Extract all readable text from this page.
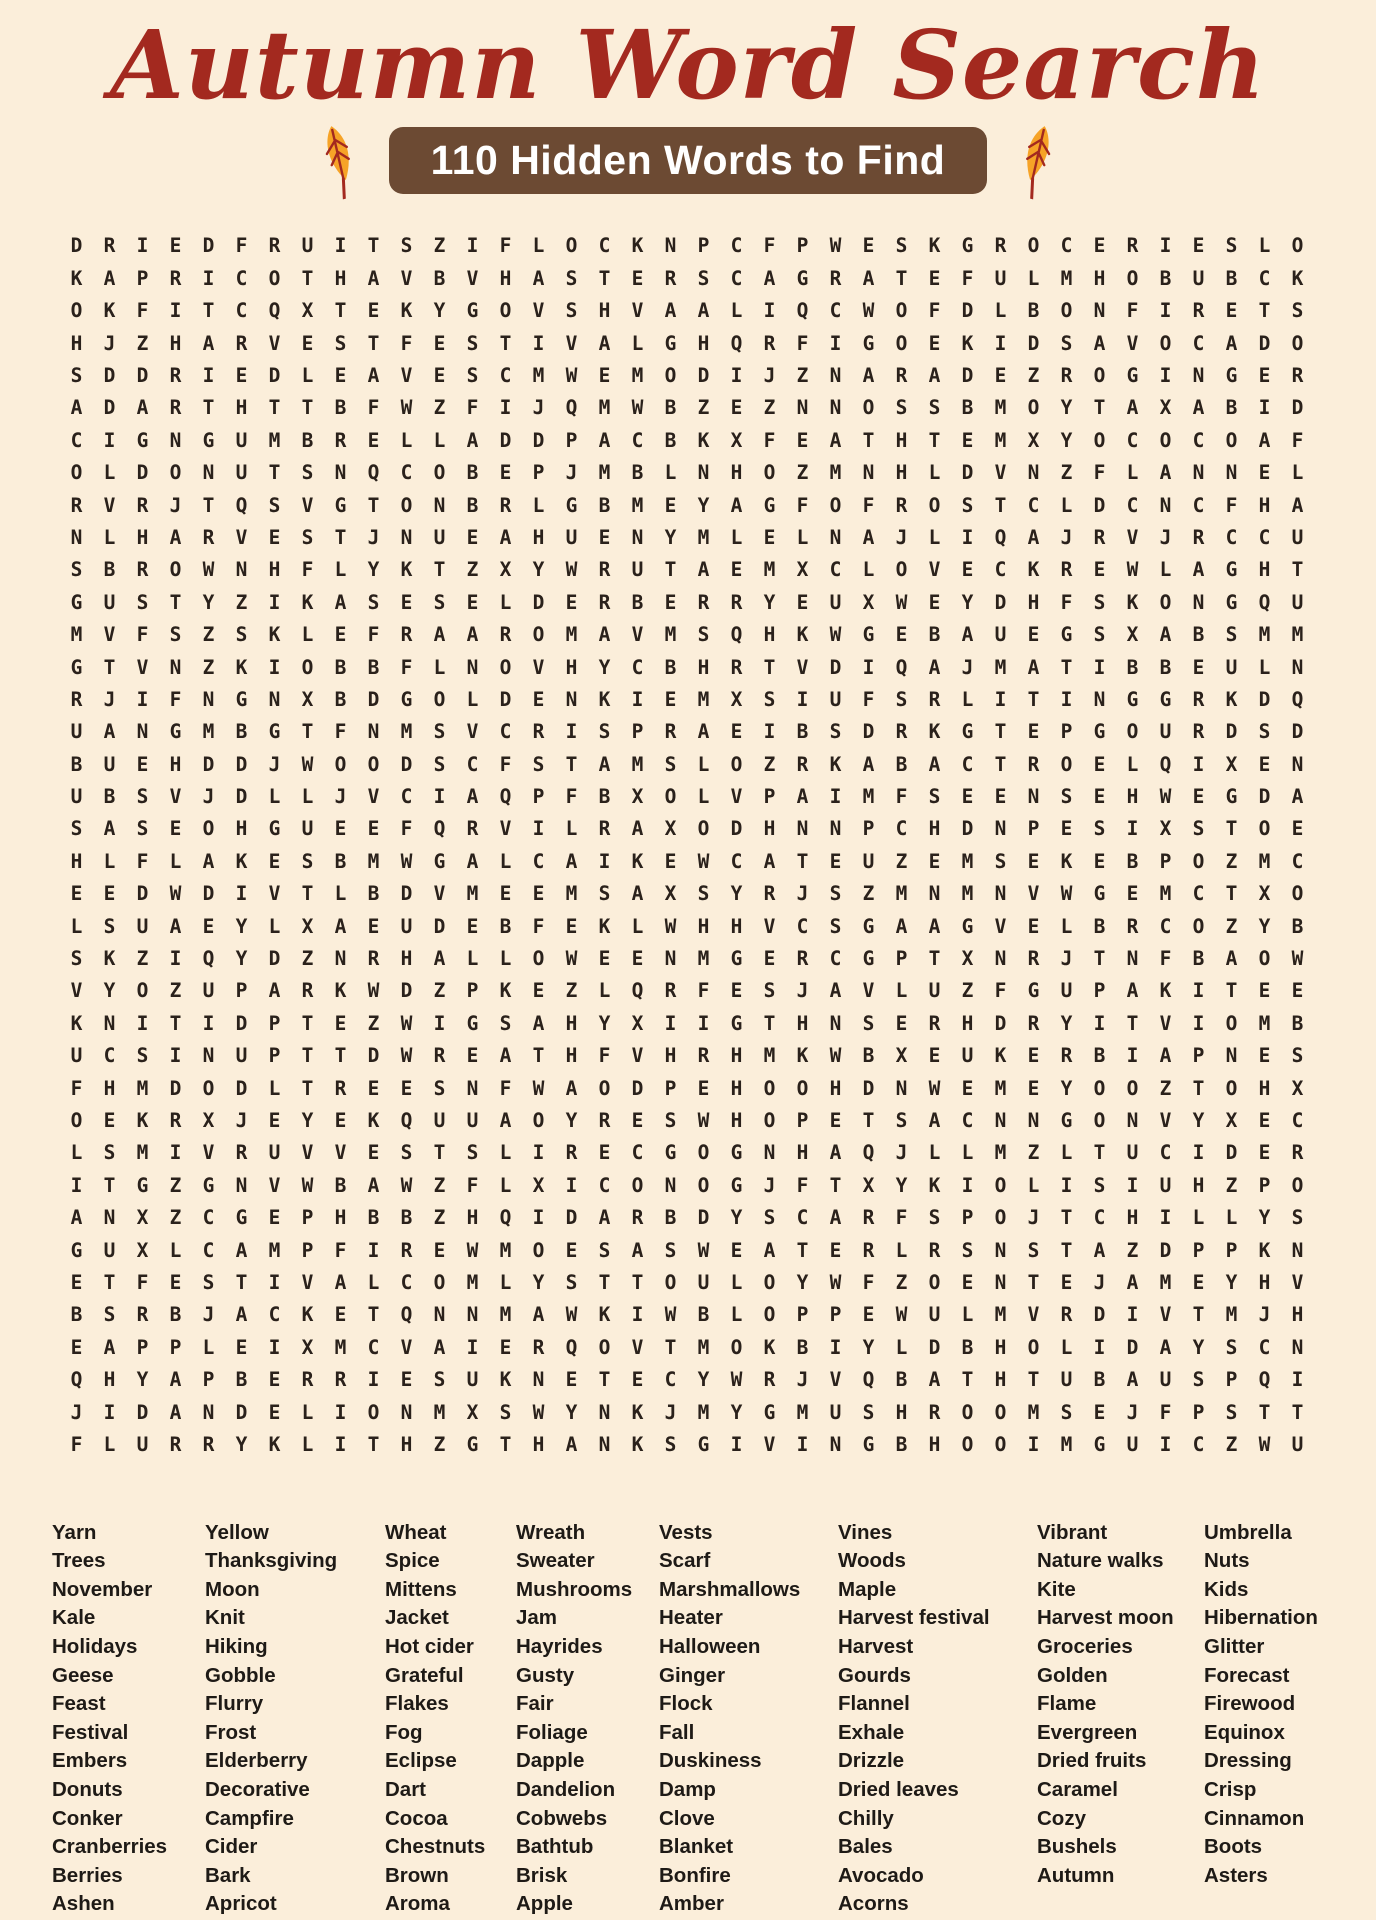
Autumn Word Search
110 Hidden Words to Find
D	R	I	E	D	F	R	U	I	T	S	Z	I	F	L	O	C	K	N	P	C	F	P	W	E	S	K	G	R	O	C	E	R	I	E	S	L	O
K	A	P	R	I	C	O	T	H	A	V	B	V	H	A	S	T	E	R	S	C	A	G	R	A	T	E	F	U	L	M	H	O	B	U	B	C	K
O	K	F	I	T	C	Q	X	T	E	K	Y	G	O	V	S	H	V	A	A	L	I	Q	C	W	O	F	D	L	B	O	N	F	I	R	E	T	S
H	J	Z	H	A	R	V	E	S	T	F	E	S	T	I	V	A	L	G	H	Q	R	F	I	G	O	E	K	I	D	S	A	V	O	C	A	D	O
S	D	D	R	I	E	D	L	E	A	V	E	S	C	M	W	E	M	O	D	I	J	Z	N	A	R	A	D	E	Z	R	O	G	I	N	G	E	R
A	D	A	R	T	H	T	T	B	F	W	Z	F	I	J	Q	M	W	B	Z	E	Z	N	N	O	S	S	B	M	O	Y	T	A	X	A	B	I	D
C	I	G	N	G	U	M	B	R	E	L	L	A	D	D	P	A	C	B	K	X	F	E	A	T	H	T	E	M	X	Y	O	C	O	C	O	A	F
O	L	D	O	N	U	T	S	N	Q	C	O	B	E	P	J	M	B	L	N	H	O	Z	M	N	H	L	D	V	N	Z	F	L	A	N	N	E	L
R	V	R	J	T	Q	S	V	G	T	O	N	B	R	L	G	B	M	E	Y	A	G	F	O	F	R	O	S	T	C	L	D	C	N	C	F	H	A
N	L	H	A	R	V	E	S	T	J	N	U	E	A	H	U	E	N	Y	M	L	E	L	N	A	J	L	I	Q	A	J	R	V	J	R	C	C	U
S	B	R	O	W	N	H	F	L	Y	K	T	Z	X	Y	W	R	U	T	A	E	M	X	C	L	O	V	E	C	K	R	E	W	L	A	G	H	T
G	U	S	T	Y	Z	I	K	A	S	E	S	E	L	D	E	R	B	E	R	R	Y	E	U	X	W	E	Y	D	H	F	S	K	O	N	G	Q	U
M	V	F	S	Z	S	K	L	E	F	R	A	A	R	O	M	A	V	M	S	Q	H	K	W	G	E	B	A	U	E	G	S	X	A	B	S	M	M
G	T	V	N	Z	K	I	O	B	B	F	L	N	O	V	H	Y	C	B	H	R	T	V	D	I	Q	A	J	M	A	T	I	B	B	E	U	L	N
R	J	I	F	N	G	N	X	B	D	G	O	L	D	E	N	K	I	E	M	X	S	I	U	F	S	R	L	I	T	I	N	G	G	R	K	D	Q
U	A	N	G	M	B	G	T	F	N	M	S	V	C	R	I	S	P	R	A	E	I	B	S	D	R	K	G	T	E	P	G	O	U	R	D	S	D
B	U	E	H	D	D	J	W	O	O	D	S	C	F	S	T	A	M	S	L	O	Z	R	K	A	B	A	C	T	R	O	E	L	Q	I	X	E	N
U	B	S	V	J	D	L	L	J	V	C	I	A	Q	P	F	B	X	O	L	V	P	A	I	M	F	S	E	E	N	S	E	H	W	E	G	D	A
S	A	S	E	O	H	G	U	E	E	F	Q	R	V	I	L	R	A	X	O	D	H	N	N	P	C	H	D	N	P	E	S	I	X	S	T	O	E
H	L	F	L	A	K	E	S	B	M	W	G	A	L	C	A	I	K	E	W	C	A	T	E	U	Z	E	M	S	E	K	E	B	P	O	Z	M	C
E	E	D	W	D	I	V	T	L	B	D	V	M	E	E	M	S	A	X	S	Y	R	J	S	Z	M	N	M	N	V	W	G	E	M	C	T	X	O
L	S	U	A	E	Y	L	X	A	E	U	D	E	B	F	E	K	L	W	H	H	V	C	S	G	A	A	G	V	E	L	B	R	C	O	Z	Y	B
S	K	Z	I	Q	Y	D	Z	N	R	H	A	L	L	O	W	E	E	N	M	G	E	R	C	G	P	T	X	N	R	J	T	N	F	B	A	O	W
V	Y	O	Z	U	P	A	R	K	W	D	Z	P	K	E	Z	L	Q	R	F	E	S	J	A	V	L	U	Z	F	G	U	P	A	K	I	T	E	E
K	N	I	T	I	D	P	T	E	Z	W	I	G	S	A	H	Y	X	I	I	G	T	H	N	S	E	R	H	D	R	Y	I	T	V	I	O	M	B
U	C	S	I	N	U	P	T	T	D	W	R	E	A	T	H	F	V	H	R	H	M	K	W	B	X	E	U	K	E	R	B	I	A	P	N	E	S
F	H	M	D	O	D	L	T	R	E	E	S	N	F	W	A	O	D	P	E	H	O	O	H	D	N	W	E	M	E	Y	O	O	Z	T	O	H	X
O	E	K	R	X	J	E	Y	E	K	Q	U	U	A	O	Y	R	E	S	W	H	O	P	E	T	S	A	C	N	N	G	O	N	V	Y	X	E	C
L	S	M	I	V	R	U	V	V	E	S	T	S	L	I	R	E	C	G	O	G	N	H	A	Q	J	L	L	M	Z	L	T	U	C	I	D	E	R
I	T	G	Z	G	N	V	W	B	A	W	Z	F	L	X	I	C	O	N	O	G	J	F	T	X	Y	K	I	O	L	I	S	I	U	H	Z	P	O
A	N	X	Z	C	G	E	P	H	B	B	Z	H	Q	I	D	A	R	B	D	Y	S	C	A	R	F	S	P	O	J	T	C	H	I	L	L	Y	S
G	U	X	L	C	A	M	P	F	I	R	E	W	M	O	E	S	A	S	W	E	A	T	E	R	L	R	S	N	S	T	A	Z	D	P	P	K	N
E	T	F	E	S	T	I	V	A	L	C	O	M	L	Y	S	T	T	O	U	L	O	Y	W	F	Z	O	E	N	T	E	J	A	M	E	Y	H	V
B	S	R	B	J	A	C	K	E	T	Q	N	N	M	A	W	K	I	W	B	L	O	P	P	E	W	U	L	M	V	R	D	I	V	T	M	J	H
E	A	P	P	L	E	I	X	M	C	V	A	I	E	R	Q	O	V	T	M	O	K	B	I	Y	L	D	B	H	O	L	I	D	A	Y	S	C	N
Q	H	Y	A	P	B	E	R	R	I	E	S	U	K	N	E	T	E	C	Y	W	R	J	V	Q	B	A	T	H	T	U	B	A	U	S	P	Q	I
J	I	D	A	N	D	E	L	I	O	N	M	X	S	W	Y	N	K	J	M	Y	G	M	U	S	H	R	O	O	M	S	E	J	F	P	S	T	T
F	L	U	R	R	Y	K	L	I	T	H	Z	G	T	H	A	N	K	S	G	I	V	I	N	G	B	H	O	O	I	M	G	U	I	C	Z	W	U
Yarn
Trees
November
Kale
Holidays
Geese
Feast
Festival
Embers
Donuts
Conker
Cranberries
Berries
Ashen
Yellow
Thanksgiving
Moon
Knit
Hiking
Gobble
Flurry
Frost
Elderberry
Decorative
Campfire
Cider
Bark
Apricot
Wheat
Spice
Mittens
Jacket
Hot cider
Grateful
Flakes
Fog
Eclipse
Dart
Cocoa
Chestnuts
Brown
Aroma
Wreath
Sweater
Mushrooms
Jam
Hayrides
Gusty
Fair
Foliage
Dapple
Dandelion
Cobwebs
Bathtub
Brisk
Apple
Vests
Scarf
Marshmallows
Heater
Halloween
Ginger
Flock
Fall
Duskiness
Damp
Clove
Blanket
Bonfire
Amber
Vines
Woods
Maple
Harvest festival
Harvest
Gourds
Flannel
Exhale
Drizzle
Dried leaves
Chilly
Bales
Avocado
Acorns
Vibrant
Nature walks
Kite
Harvest moon
Groceries
Golden
Flame
Evergreen
Dried fruits
Caramel
Cozy
Bushels
Autumn
Umbrella
Nuts
Kids
Hibernation
Glitter
Forecast
Firewood
Equinox
Dressing
Crisp
Cinnamon
Boots
Asters
